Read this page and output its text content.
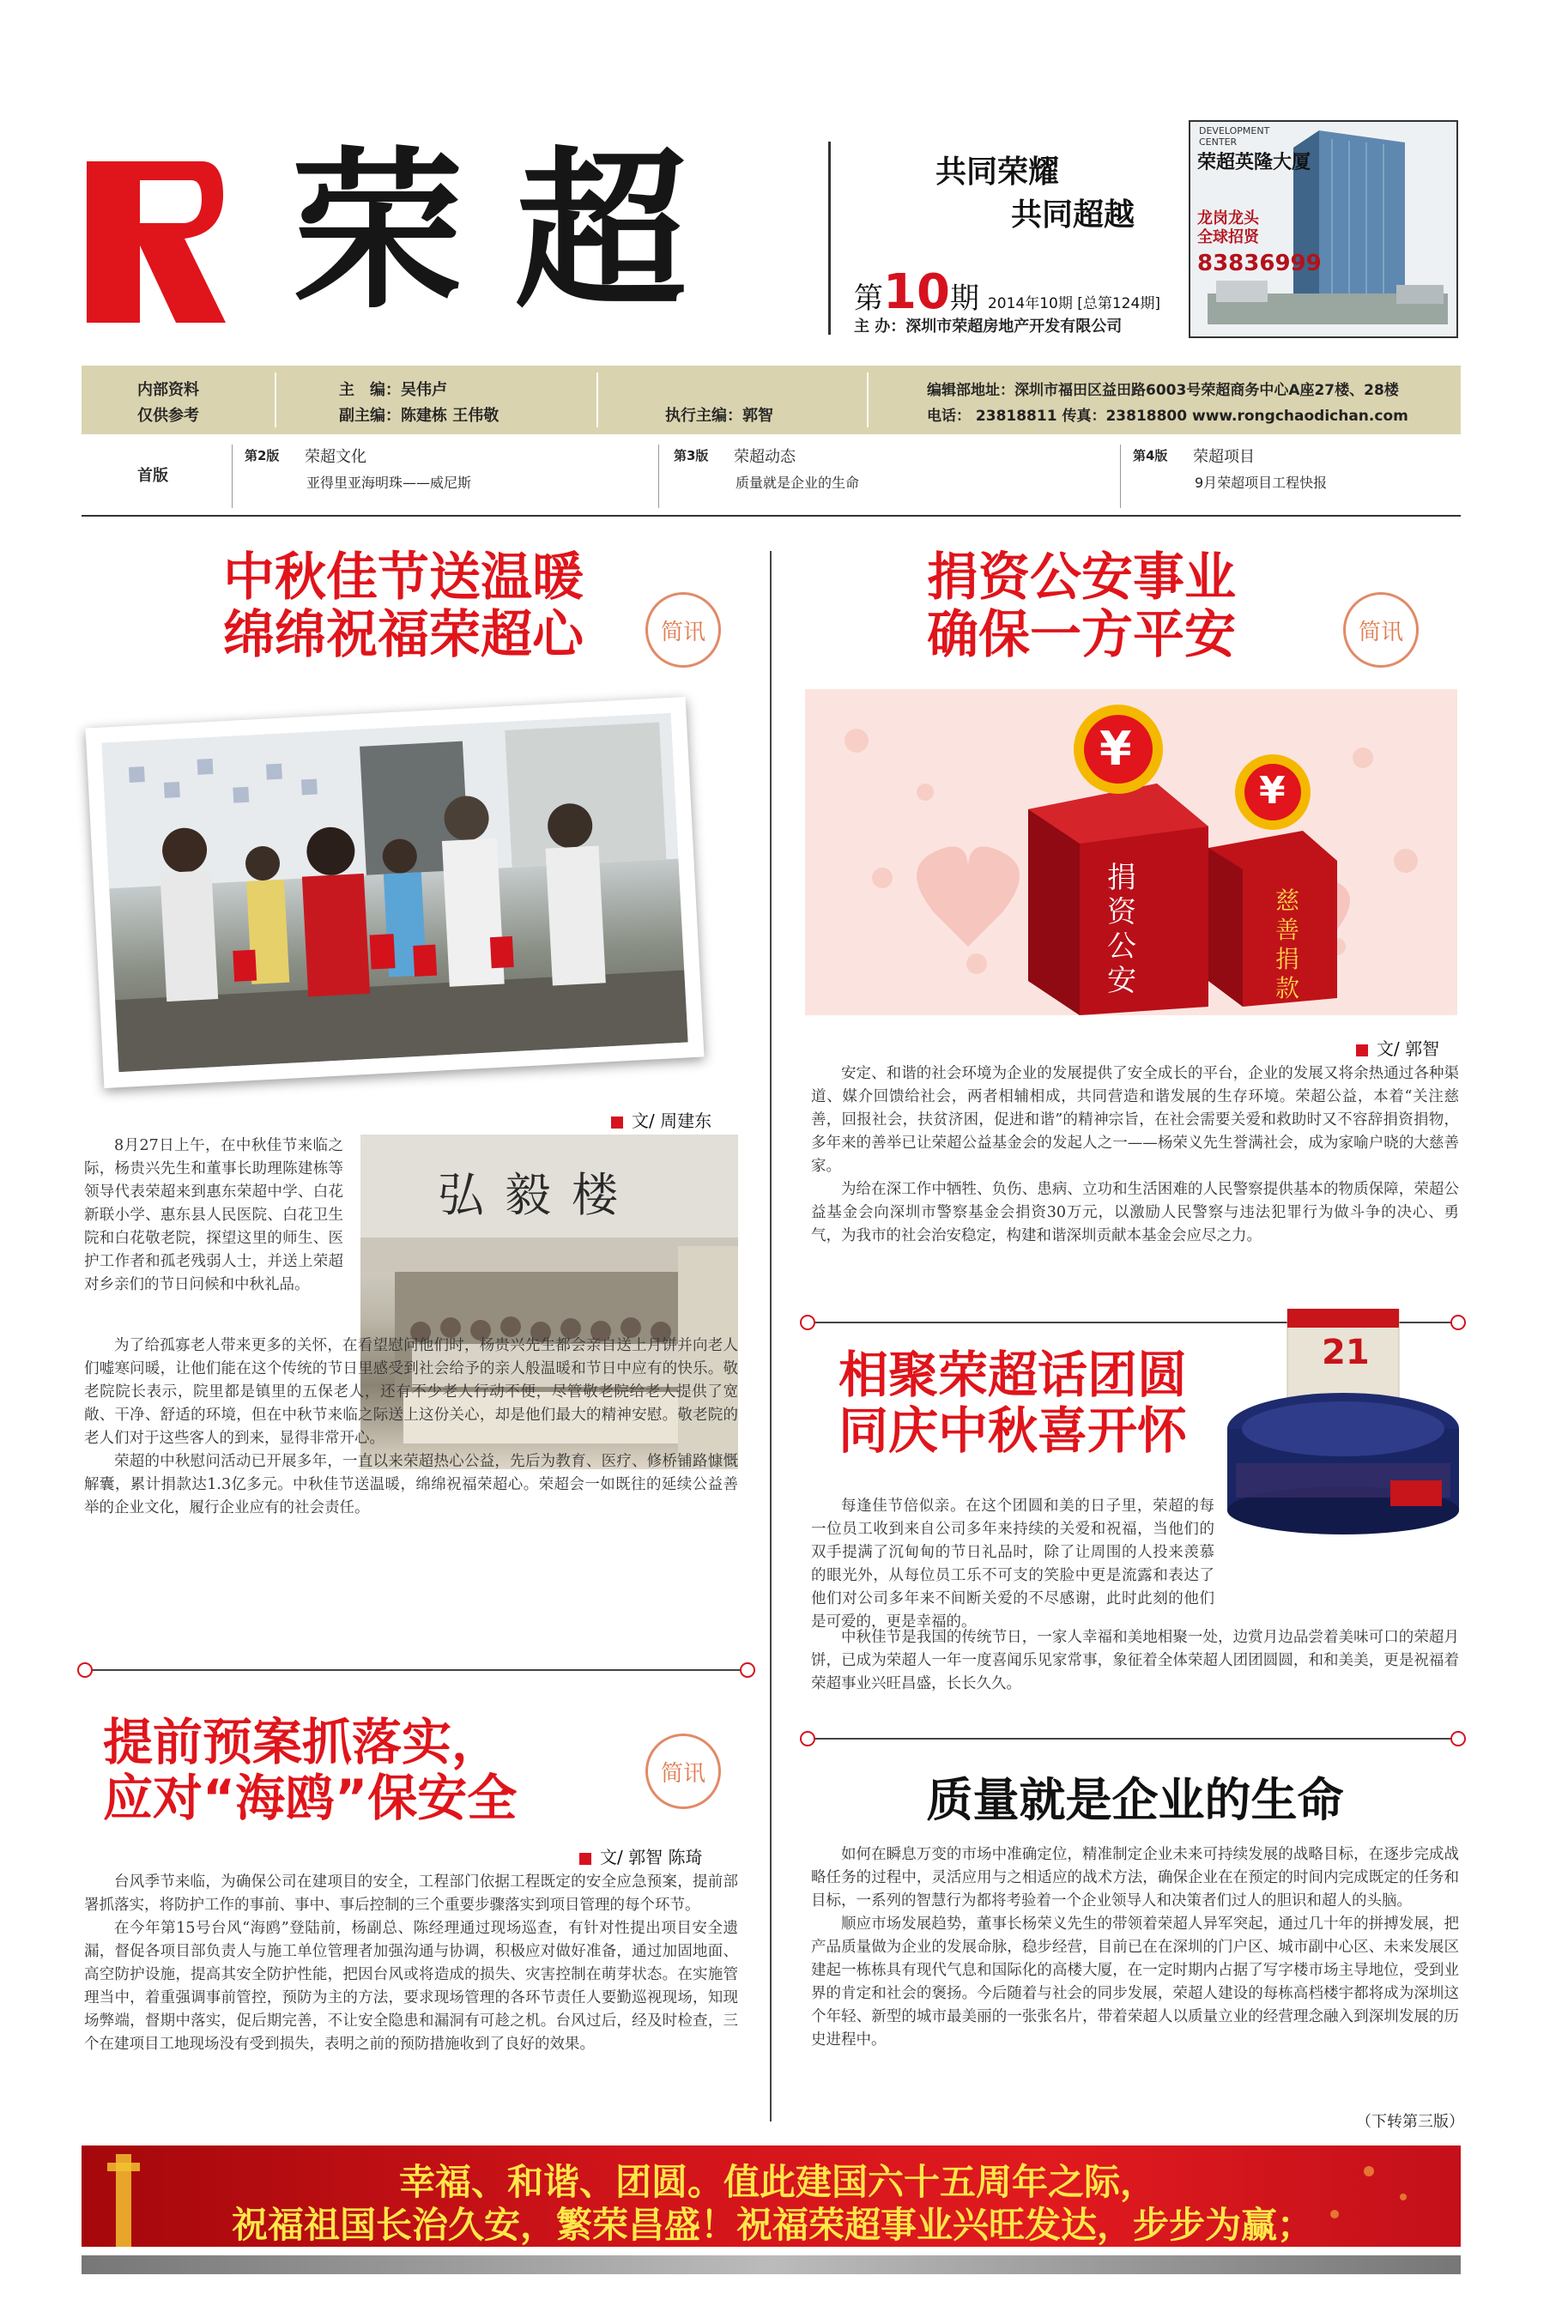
荣超	共同荣耀
共同超越
第10期 2014年10期 [总第124期]
主 办：深圳市荣超房地产开发有限公司
DEVELOPMENT CENTER
荣超英隆大厦
龙岗龙头
全球招贤
83836999
内部资料
仅供参考
主　编：吴伟卢
副主编：陈建栋 王伟敬	执行主编：郭智
编辑部地址：深圳市福田区益田路6003号荣超商务中心A座27楼、28楼
电话： 23818811 传真：23818800 www.rongchaodichan.com
首版
第2版 荣超文化
亚得里亚海明珠——威尼斯
第3版 荣超动态
质量就是企业的生命
第4版 荣超项目
9月荣超项目工程快报
中秋佳节送温暖
绵绵祝福荣超心	简讯
文/ 周建东
弘毅楼

8月27日上午，在中秋佳节来临之际，杨贵兴先生和董事长助理陈建栋等领导代表荣超来到惠东荣超中学、白花新联小学、惠东县人民医院、白花卫生院和白花敬老院，探望这里的师生、医护工作者和孤老残弱人士，并送上荣超对乡亲们的节日问候和中秋礼品。

为了给孤寡老人带来更多的关怀，在看望慰问他们时，杨贵兴先生都会亲自送上月饼并向老人们嘘寒问暖，让他们能在这个传统的节日里感受到社会给予的亲人般温暖和节日中应有的快乐。敬老院院长表示，院里都是镇里的五保老人，还有不少老人行动不便，尽管敬老院给老人提供了宽敞、干净、舒适的环境，但在中秋节来临之际送上这份关心，却是他们最大的精神安慰。敬老院的老人们对于这些客人的到来，显得非常开心。

荣超的中秋慰问活动已开展多年，一直以来荣超热心公益，先后为教育、医疗、修桥铺路慷慨解囊，累计捐款达1.3亿多元。中秋佳节送温暖，绵绵祝福荣超心。荣超会一如既往的延续公益善举的企业文化，履行企业应有的社会责任。

提前预案抓落实，
应对“海鸥”保安全	简讯
文/ 郭智 陈琦

台风季节来临，为确保公司在建项目的安全，工程部门依据工程既定的安全应急预案，提前部署抓落实，将防护工作的事前、事中、事后控制的三个重要步骤落实到项目管理的每个环节。

在今年第15号台风“海鸥”登陆前，杨副总、陈经理通过现场巡查，有针对性提出项目安全遗漏，督促各项目部负责人与施工单位管理者加强沟通与协调，积极应对做好准备，通过加固地面、高空防护设施，提高其安全防护性能，把因台风或将造成的损失、灾害控制在萌芽状态。在实施管理当中，着重强调事前管控，预防为主的方法，要求现场管理的各环节责任人要勤巡视现场，知现场弊端，督期中落实，促后期完善，不让安全隐患和漏洞有可趁之机。台风过后，经及时检查，三个在建项目工地现场没有受到损失，表明之前的预防措施收到了良好的效果。

捐资公安事业
确保一方平安	简讯
¥
¥
捐资公安
慈善捐款
文/ 郭智

安定、和谐的社会环境为企业的发展提供了安全成长的平台，企业的发展又将余热通过各种渠道、媒介回馈给社会，两者相辅相成，共同营造和谐发展的生存环境。荣超公益，本着“关注慈善，回报社会，扶贫济困，促进和谐”的精神宗旨，在社会需要关爱和救助时又不容辞捐资捐物，多年来的善举已让荣超公益基金会的发起人之一——杨荣义先生誉满社会，成为家喻户晓的大慈善家。

为给在深工作中牺牲、负伤、患病、立功和生活困难的人民警察提供基本的物质保障，荣超公益基金会向深圳市警察基金会捐资30万元，以激励人民警察与违法犯罪行为做斗争的决心、勇气，为我市的社会治安稳定，构建和谐深圳贡献本基金会应尽之力。

相聚荣超话团圆
同庆中秋喜开怀
21

每逢佳节倍似亲。在这个团圆和美的日子里，荣超的每一位员工收到来自公司多年来持续的关爱和祝福，当他们的双手提满了沉甸甸的节日礼品时，除了让周围的人投来羡慕的眼光外，从每位员工乐不可支的笑脸中更是流露和表达了他们对公司多年来不间断关爱的不尽感谢，此时此刻的他们是可爱的，更是幸福的。

中秋佳节是我国的传统节日，一家人幸福和美地相聚一处，边赏月边品尝着美味可口的荣超月饼，已成为荣超人一年一度喜闻乐见家常事，象征着全体荣超人团团圆圆，和和美美，更是祝福着荣超事业兴旺昌盛，长长久久。

质量就是企业的生命

如何在瞬息万变的市场中准确定位，精准制定企业未来可持续发展的战略目标，在逐步完成战略任务的过程中，灵活应用与之相适应的战术方法，确保企业在在预定的时间内完成既定的任务和目标，一系列的智慧行为都将考验着一个企业领导人和决策者们过人的胆识和超人的头脑。

顺应市场发展趋势，董事长杨荣义先生的带领着荣超人异军突起，通过几十年的拼搏发展，把产品质量做为企业的发展命脉，稳步经营，目前已在在深圳的门户区、城市副中心区、未来发展区建起一栋栋具有现代气息和国际化的高楼大厦，在一定时期内占据了写字楼市场主导地位，受到业界的肯定和社会的褒扬。今后随着与社会的同步发展，荣超人建设的每栋高档楼宇都将成为深圳这个年轻、新型的城市最美丽的一张张名片，带着荣超人以质量立业的经营理念融入到深圳发展的历史进程中。

（下转第三版）
幸福、和谐、团圆。值此建国六十五周年之际，
祝福祖国长治久安，繁荣昌盛！祝福荣超事业兴旺发达，步步为赢；
